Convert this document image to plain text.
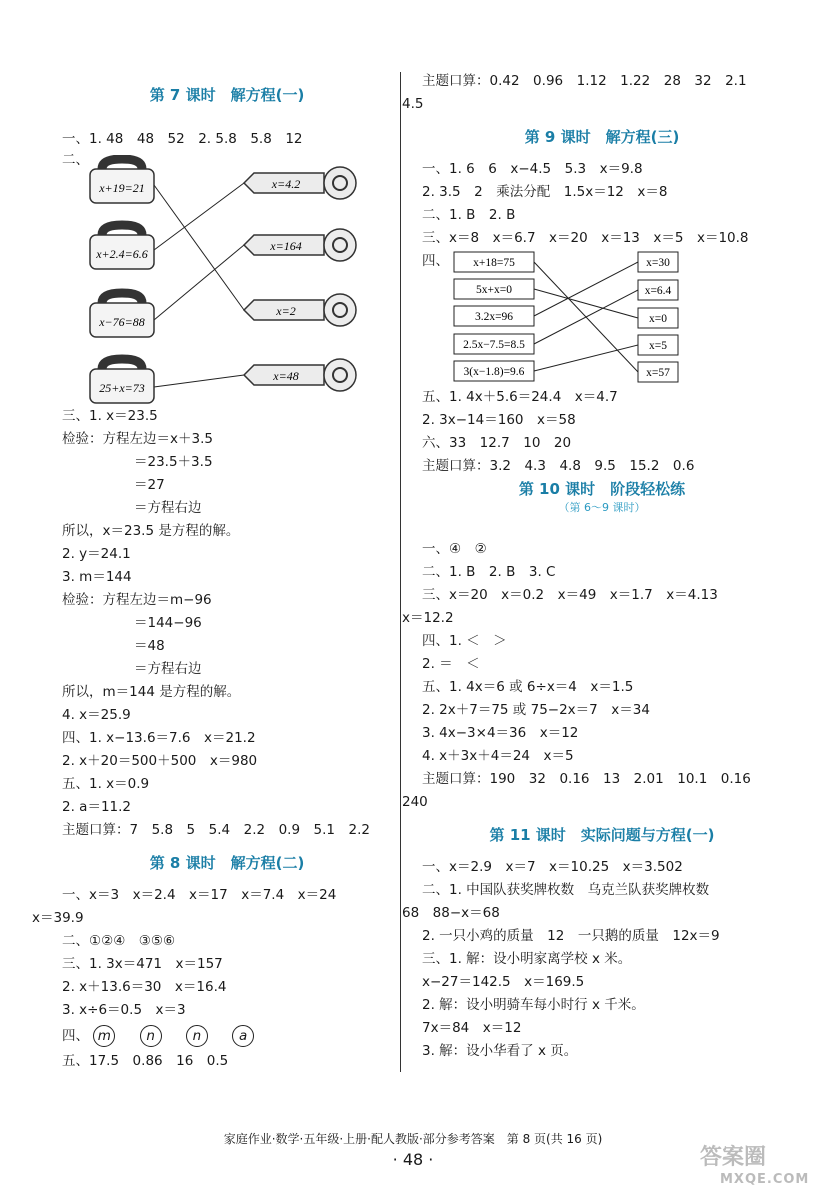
第 7 课时　解方程(一)
一、1. 48　48　52　2. 5.8　5.8　12
二、
x+19=21
x+2.4=6.6
x−76=88
25+x=73
x=4.2
x=164
x=2
x=48
三、1. x＝23.5
检验：方程左边＝x＋3.5
＝23.5＋3.5
＝27
＝方程右边
所以，x＝23.5 是方程的解。
2. y＝24.1
3. m＝144
检验：方程左边＝m−96
＝144−96
＝48
＝方程右边
所以，m＝144 是方程的解。
4. x＝25.9
四、1. x−13.6＝7.6　x＝21.2
2. x＋20＝500＋500　x＝980
五、1. x＝0.9
2. a＝11.2
主题口算：7　5.8　5　5.4　2.2　0.9　5.1　2.2
第 8 课时　解方程(二)
一、x＝3　x＝2.4　x＝17　x＝7.4　x＝24
x＝39.9
二、①②④　③⑤⑥
三、1. 3x＝471　x＝157
2. x＋13.6＝30　x＝16.4
3. x÷6＝0.5　x＝3
四、 m	n	n	a
五、17.5　0.86　16　0.5
主题口算：0.42　0.96　1.12　1.22　28　32　2.1
4.5
第 9 课时　解方程(三)
一、1. 6　6　x−4.5　5.3　x＝9.8
2. 3.5　2　乘法分配　1.5x＝12　x＝8
二、1. B　2. B
三、x＝8　x＝6.7　x＝20　x＝13　x＝5　x＝10.8
四、 x+18=75
5x+x=0
3.2x=96
2.5x−7.5=8.5
3(x−1.8)=9.6
x=30
x=6.4
x=0
x=5
x=57
五、1. 4x＋5.6＝24.4　x＝4.7
2. 3x−14＝160　x＝58
六、33　12.7　10　20
主题口算：3.2　4.3　4.8　9.5　15.2　0.6
第 10 课时　阶段轻松练
（第 6～9 课时）
一、④　②
二、1. B　2. B　3. C
三、x＝20　x＝0.2　x＝49　x＝1.7　x＝4.13
x＝12.2
四、1. ＜　＞
2. ＝　＜
五、1. 4x＝6 或 6÷x＝4　x＝1.5
2. 2x＋7＝75 或 75−2x＝7　x＝34
3. 4x−3×4＝36　x＝12
4. x＋3x＋4＝24　x＝5
主题口算：190　32　0.16　13　2.01　10.1　0.16
240
第 11 课时　实际问题与方程(一)
一、x＝2.9　x＝7　x＝10.25　x＝3.502
二、1. 中国队获奖牌枚数　乌克兰队获奖牌枚数
68　88−x＝68
2. 一只小鸡的质量　12　一只鹅的质量　12x＝9
三、1. 解：设小明家离学校 x 米。
x−27＝142.5　x＝169.5
2. 解：设小明骑车每小时行 x 千米。
7x＝84　x＝12
3. 解：设小华看了 x 页。
家庭作业·数学·五年级·上册·配人教版·部分参考答案　第 8 页(共 16 页)
· 48 ·	答案圈
MXQE.COM
